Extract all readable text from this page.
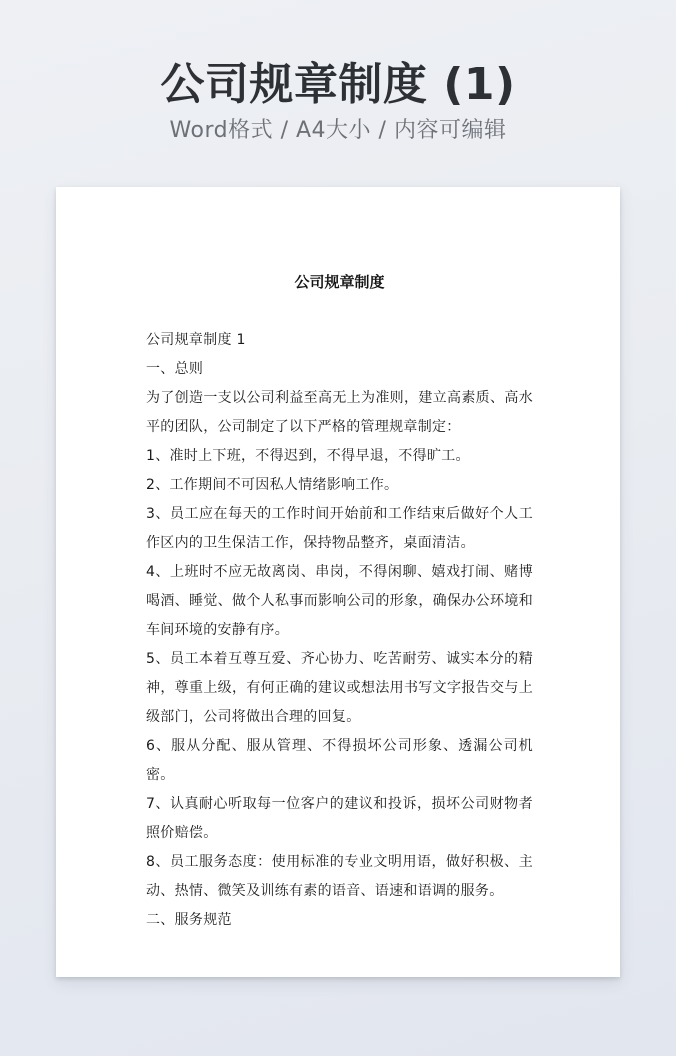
公司规章制度 (1)
Word格式 / A4大小 / 内容可编辑
公司规章制度

公司规章制度 1

一、总则

为了创造一支以公司利益至高无上为准则，建立高素质、高水平的团队，公司制定了以下严格的管理规章制定：

1、准时上下班，不得迟到，不得早退，不得旷工。

2、工作期间不可因私人情绪影响工作。

3、员工应在每天的工作时间开始前和工作结束后做好个人工作区内的卫生保洁工作，保持物品整齐，桌面清洁。

4、上班时不应无故离岗、串岗，不得闲聊、嬉戏打闹、赌博喝酒、睡觉、做个人私事而影响公司的形象，确保办公环境和车间环境的安静有序。

5、员工本着互尊互爱、齐心协力、吃苦耐劳、诚实本分的精神，尊重上级，有何正确的建议或想法用书写文字报告交与上级部门，公司将做出合理的回复。

6、服从分配、服从管理、不得损坏公司形象、透漏公司机密。

7、认真耐心听取每一位客户的建议和投诉，损坏公司财物者照价赔偿。

8、员工服务态度：使用标准的专业文明用语，做好积极、主动、热情、微笑及训练有素的语音、语速和语调的服务。

二、服务规范
